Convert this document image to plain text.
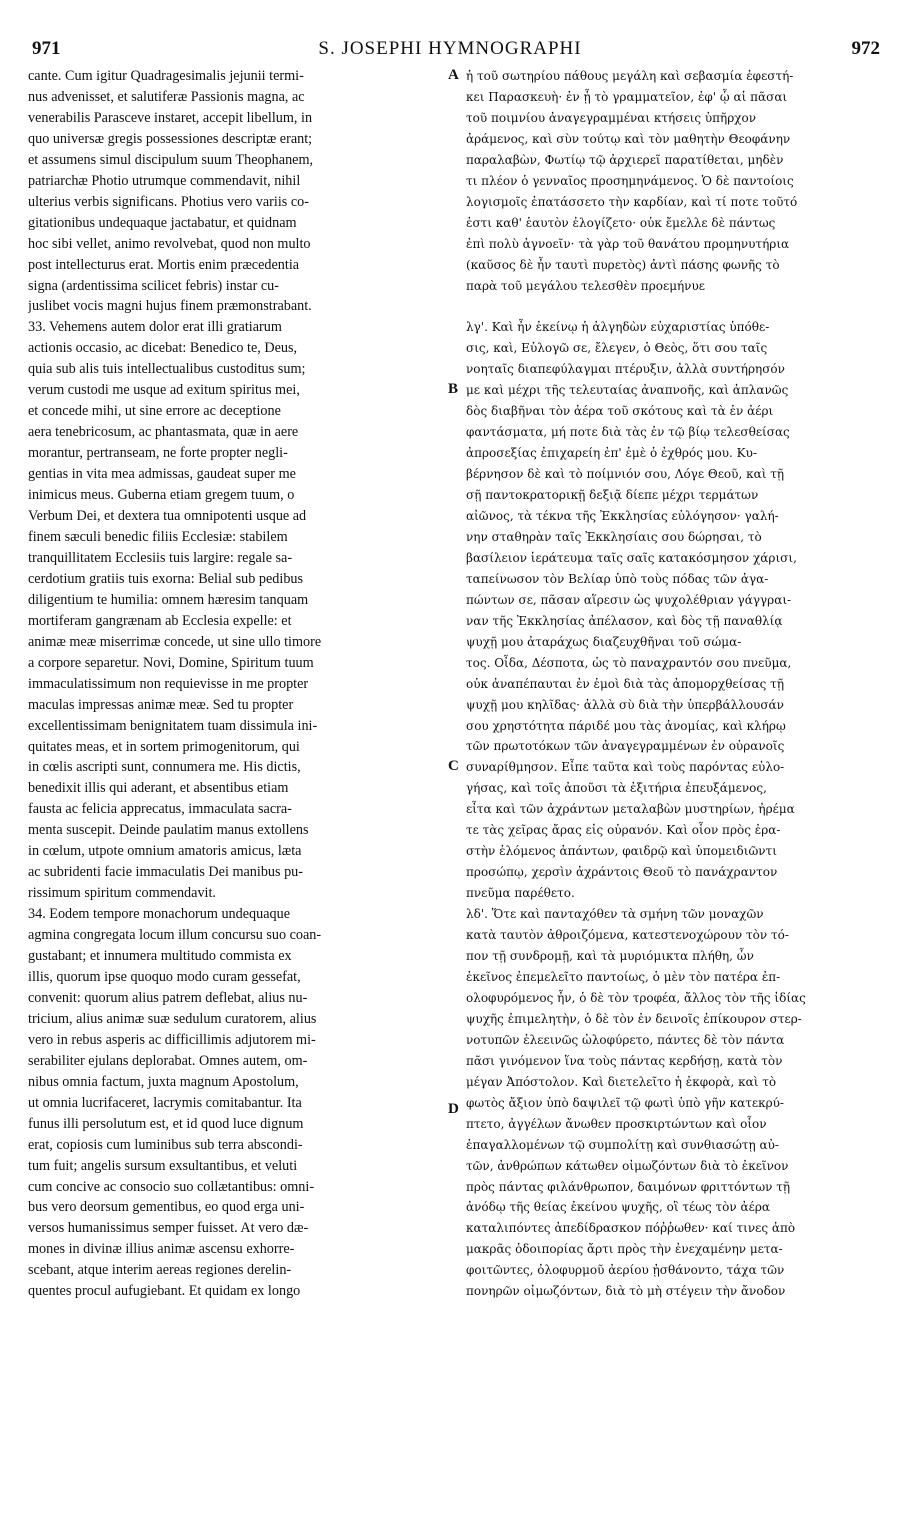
971	S. JOSEPHI HYMNOGRAPHI	972
cante. Cum igitur Quadragesimalis jejunii termi-
nus advenisset, et salutiferæ Passionis magna, ac
venerabilis Parasceve instaret, accepit libellum, in
quo universæ gregis possessiones descriptæ erant;
et assumens simul discipulum suum Theophanem,
patriarchæ Photio utrumque commendavit, nihil
ulterius verbis significans. Photius vero variis co-
gitationibus undequaque jactabatur, et quidnam
hoc sibi vellet, animo revolvebat, quod non multo
post intellecturus erat. Mortis enim præcedentia
signa (ardentissima scilicet febris) instar cu-
juslibet vocis magni hujus finem præmonstrabant.
33. Vehemens autem dolor erat illi gratiarum
actionis occasio, ac dicebat: Benedico te, Deus,
quia sub alis tuis intellectualibus custoditus sum;
verum custodi me usque ad exitum spiritus mei,
et concede mihi, ut sine errore ac deceptione
aera tenebricosum, ac phantasmata, quæ in aere
morantur, pertranseam, ne forte propter negli-
gentias in vita mea admissas, gaudeat super me
inimicus meus. Guberna etiam gregem tuum, o
Verbum Dei, et dextera tua omnipotenti usque ad
finem sæculi benedic filiis Ecclesiæ: stabilem
tranquillitatem Ecclesiis tuis largire: regale sa-
cerdotium gratiis tuis exorna: Belial sub pedibus
diligentium te humilia: omnem hæresim tanquam
mortiferam gangrænam ab Ecclesia expelle: et
animæ meæ miserrimæ concede, ut sine ullo timore
a corpore separetur. Novi, Domine, Spiritum tuum
immaculatissimum non requievisse in me propter
maculas impressas animæ meæ. Sed tu propter
excellentissimam benignitatem tuam dissimula ini-
quitates meas, et in sortem primogenitorum, qui
in cœlis ascripti sunt, connumera me. His dictis,
benedixit illis qui aderant, et absentibus etiam
fausta ac felicia apprecatus, immaculata sacra-
menta suscepit. Deinde paulatim manus extollens
in cœlum, utpote omnium amatoris amicus, læta
ac subridenti facie immaculatis Dei manibus pu-
rissimum spiritum commendavit.
34. Eodem tempore monachorum undequaque
agmina congregata locum illum concursu suo coan-
gustabant; et innumera multitudo commista ex
illis, quorum ipse quoquo modo curam gessefat,
convenit: quorum alius patrem deflebat, alius nu-
tricium, alius animæ suæ sedulum curatorem, alius
vero in rebus asperis ac difficillimis adjutorem mi-
serabiliter ejulans deplorabat. Omnes autem, om-
nibus omnia factum, juxta magnum Apostolum,
ut omnia lucrifaceret, lacrymis comitabantur. Ita
funus illi persolutum est, et id quod luce dignum
erat, copiosis cum luminibus sub terra abscondi-
tum fuit; angelis sursum exsultantibus, et veluti
cum concive ac consocio suo collætantibus: omni-
bus vero deorsum gementibus, eo quod erga uni-
versos humanissimus semper fuisset. At vero dæ-
mones in divinæ illius animæ ascensu exhorre-
scebant, atque interim aereas regiones derelin-
quentes procul aufugiebant. Et quidam ex longo
ἡ τοῦ σωτηρίου πάθους μεγάλη καὶ σεβασμία ἐφεστή-
κει Παρασκευὴ· ἐν ᾗ τὸ γραμματεῖον, ἐφ' ᾧ αἱ πᾶσαι
τοῦ ποιμνίου ἀναγεγραμμέναι κτήσεις ὑπῆρχον
ἀράμενος, καὶ σὺν τούτῳ καὶ τὸν μαθητὴν Θεοφάνην
παραλαβὼν, Φωτίῳ τῷ ἀρχιερεῖ παρατίθεται, μηδὲν
τι πλέον ὁ γενναῖος προσημηνάμενος. Ὁ δὲ παντοίοις
λογισμοῖς ἐπατάσσετο τὴν καρδίαν, καὶ τί ποτε τοῦτό
ἐστι καθ' ἑαυτὸν ἐλογίζετο· οὐκ ἔμελλε δὲ πάντως
ἐπὶ πολὺ ἀγνοεῖν· τὰ γὰρ τοῦ θανάτου προμηνυτήρια
(καῦσος δὲ ἦν ταυτὶ πυρετὸς) ἀντὶ πάσης φωνῆς τὸ
παρὰ τοῦ μεγάλου τελεσθὲν προεμήνυε
λγ'. Καὶ ἦν ἐκείνῳ ἡ ἀλγηδὼν εὐχαριστίας ὑπόθε-
σις, καὶ, Εὐλογῶ σε, ἔλεγεν, ὁ Θεὸς, ὅτι σου ταῖς
νοηταῖς διαπεφύλαγμαι πτέρυξιν, ἀλλὰ συντήρησόν
με καὶ μέχρι τῆς τελευταίας ἀναπνοῆς, καὶ ἀπλανῶς
δὸς διαβῆναι τὸν ἀέρα τοῦ σκότους καὶ τὰ ἐν ἀέρι
φαντάσματα, μή ποτε διὰ τὰς ἐν τῷ βίῳ τελεσθείσας
ἀπροσεξίας ἐπιχαρείη ἐπ' ἐμὲ ὁ ἐχθρός μου. Κυ-
βέρνησον δὲ καὶ τὸ ποίμνιόν σου, Λόγε Θεοῦ, καὶ τῇ
σῇ παντοκρατορικῇ δεξιᾷ δίεπε μέχρι τερμάτων
αἰῶνος, τὰ τέκνα τῆς Ἐκκλησίας εὐλόγησον· γαλή-
νην σταθηρὰν ταῖς Ἐκκλησίαις σου δώρησαι, τὸ
βασίλειον ἱεράτευμα ταῖς σαῖς κατακόσμησον χάρισι,
ταπείνωσον τὸν Βελίαρ ὑπὸ τοὺς πόδας τῶν ἀγα-
πώντων σε, πᾶσαν αἵρεσιν ὡς ψυχολέθριαν γάγγραι-
ναν τῆς Ἐκκλησίας ἀπέλασον, καὶ δὸς τῇ παναθλίᾳ
ψυχῇ μου ἀταράχως διαζευχθῆναι τοῦ σώμα-
τος. Οἶδα, Δέσποτα, ὡς τὸ παναχραντόν σου πνεῦμα,
οὐκ ἀναπέπαυται ἐν ἐμοὶ διὰ τὰς ἀπομορχθείσας τῇ
ψυχῇ μου κηλῖδας· ἀλλὰ σὺ διὰ τὴν ὑπερβάλλουσάν
σου χρηστότητα πάριδέ μου τὰς ἀνομίας, καὶ κλήρῳ
τῶν πρωτοτόκων τῶν ἀναγεγραμμένων ἐν οὐρανοῖς
συναρίθμησον. Εἶπε ταῦτα καὶ τοὺς παρόντας εὐλο-
γήσας, καὶ τοῖς ἀποῦσι τὰ ἐξιτήρια ἐπευξάμενος,
εἶτα καὶ τῶν ἀχράντων μεταλαβὼν μυστηρίων, ἠρέμα
τε τὰς χεῖρας ἄρας εἰς οὐρανόν. Καὶ οἷον πρὸς ἐρα-
στὴν ἐλόμενος ἁπάντων, φαιδρῷ καὶ ὑπομειδιῶντι
προσώπῳ, χερσὶν ἀχράντοις Θεοῦ τὸ πανάχραντον
πνεῦμα παρέθετο.
λδ'. Ὅτε καὶ πανταχόθεν τὰ σμήνη τῶν μοναχῶν
κατὰ ταυτὸν ἀθροιζόμενα, κατεστενοχώρουν τὸν τό-
πον τῇ συνδρομῇ, καὶ τὰ μυριόμικτα πλήθη, ὧν
ἐκεῖνος ἐπεμελεῖτο παντοίως, ὁ μὲν τὸν πατέρα ἐπ-
ολοφυρόμενος ἦν, ὁ δὲ τὸν τροφέα, ἄλλος τὸν τῆς ἰδίας
ψυχῆς ἐπιμελητὴν, ὁ δὲ τὸν ἐν δεινοῖς ἐπίκουρον στερ-
νοτυπῶν ἐλεεινῶς ὠλοφύρετο, πάντες δὲ τὸν πάντα
πᾶσι γινόμενον ἵνα τοὺς πάντας κερδήσῃ, κατὰ τὸν
μέγαν Ἀπόστολον. Καὶ διετελεῖτο ἡ ἐκφορὰ, καὶ τὸ
φωτὸς ἄξιον ὑπὸ δαψιλεῖ τῷ φωτὶ ὑπὸ γῆν κατεκρύ-
πτετο, ἀγγέλων ἄνωθεν προσκιρτώντων καὶ οἷον
ἐπαγαλλομένων τῷ συμπολίτῃ καὶ συνθιασώτῃ αὐ-
τῶν, ἀνθρώπων κάτωθεν οἰμωζόντων διὰ τὸ ἐκεῖνον
πρὸς πάντας φιλάνθρωπον, δαιμόνων φριττόντων τῇ
ἀνόδῳ τῆς θείας ἐκείνου ψυχῆς, οἳ τέως τὸν ἀέρα
καταλιπόντες ἀπεδίδρασκον πόῤῥωθεν· καί τινες ἀπὸ
μακρᾶς ὁδοιπορίας ἄρτι πρὸς τὴν ἐνεχαμένην μετα-
φοιτῶντες, ὀλοφυρμοῦ ἀερίου ᾐσθάνοντο, τάχα τῶν
πονηρῶν οἰμωζόντων, διὰ τὸ μὴ στέγειν τὴν ἄνοδον
A
B
C
D
